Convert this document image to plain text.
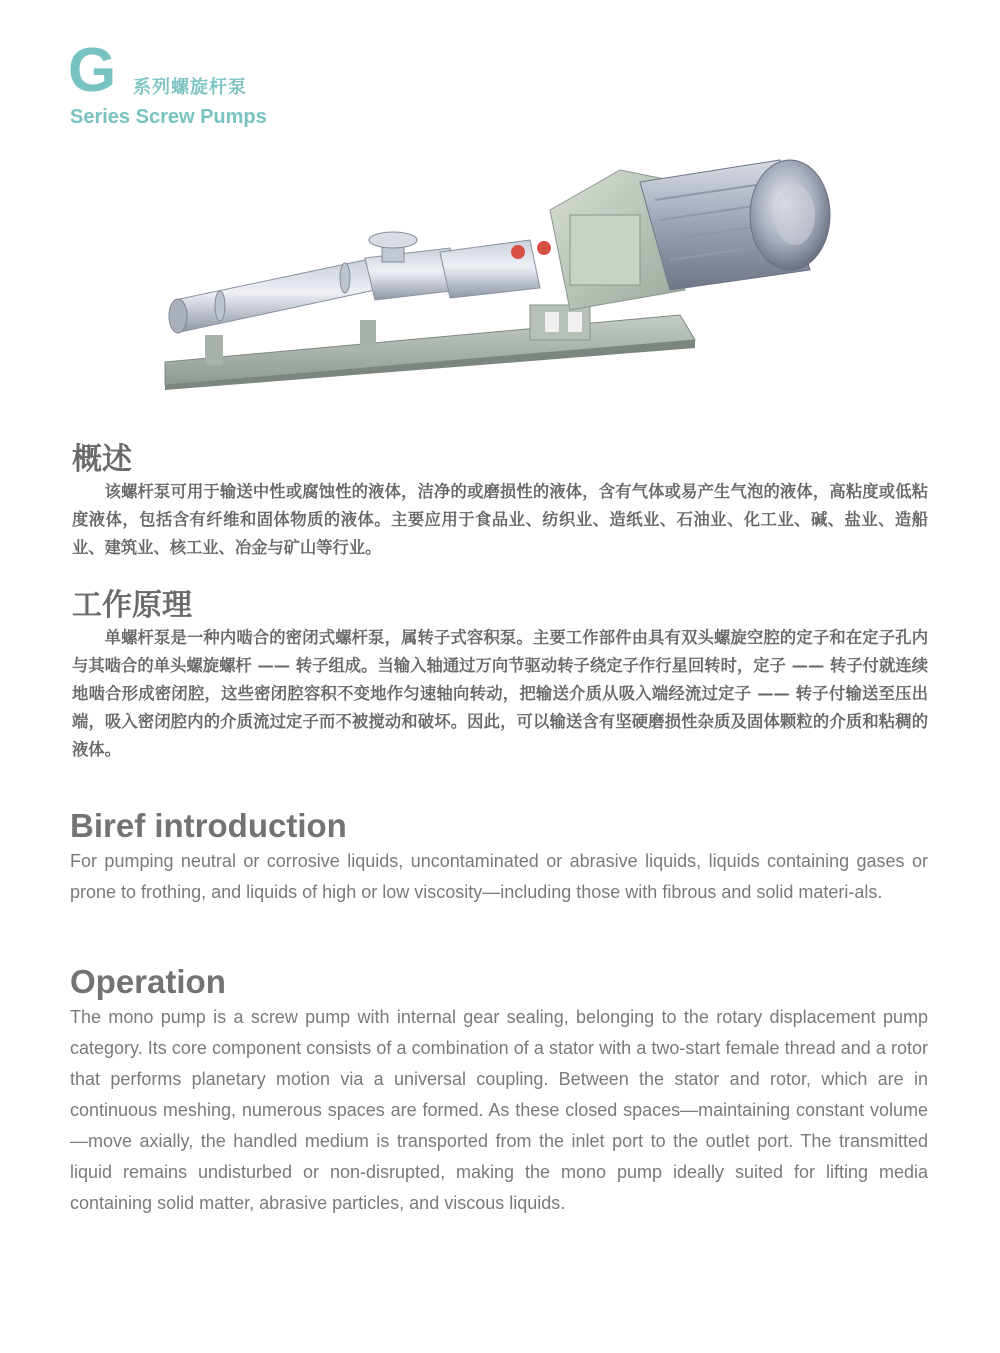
G 系列螺旋杆泵
Series Screw Pumps
概述

该螺杆泵可用于输送中性或腐蚀性的液体，洁净的或磨损性的液体，含有气体或易产生气泡的液体，高粘度或低粘度液体，包括含有纤维和固体物质的液体。主要应用于食品业、纺织业、造纸业、石油业、化工业、碱、盐业、造船业、建筑业、核工业、冶金与矿山等行业。

工作原理

单螺杆泵是一种内啮合的密闭式螺杆泵，属转子式容积泵。主要工作部件由具有双头螺旋空腔的定子和在定子孔内与其啮合的单头螺旋螺杆 —— 转子组成。当输入轴通过万向节驱动转子绕定子作行星回转时，定子 —— 转子付就连续地啮合形成密闭腔，这些密闭腔容积不变地作匀速轴向转动，把输送介质从吸入端经流过定子 —— 转子付输送至压出端，吸入密闭腔内的介质流过定子而不被搅动和破坏。因此，可以输送含有坚硬磨损性杂质及固体颗粒的介质和粘稠的液体。

Biref introduction

For pumping neutral or corrosive liquids, uncontaminated or abrasive liquids, liquids containing gases or prone to frothing, and liquids of high or low viscosity—including those with fibrous and solid materi-als.

Operation

The mono pump is a screw pump with internal gear sealing, belonging to the rotary displacement pump category. Its core component consists of a combination of a stator with a two-start female thread and a rotor that performs planetary motion via a universal coupling. Between the stator and rotor, which are in continuous meshing, numerous spaces are formed. As these closed spaces—maintaining constant volume—move axially, the handled medium is transported from the inlet port to the outlet port. The transmitted liquid remains undisturbed or non-disrupted, making the mono pump ideally suited for lifting media containing solid matter, abrasive particles, and viscous liquids.
